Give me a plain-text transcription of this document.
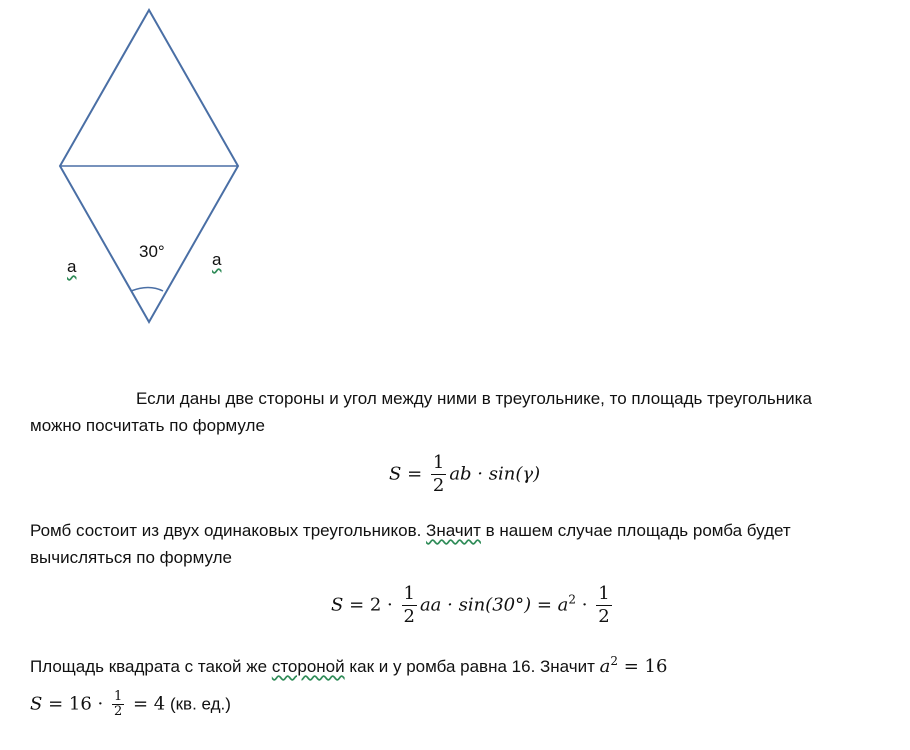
a	a
30°
Если даны две стороны и угол между ними в треугольнике, то площадь треугольника
можно посчитать по формуле
$S = \frac{1}{2}$ ab · sin(γ)
Ромб состоит из двух одинаковых треугольников. Значит в нашем случае площадь ромба будет
вычисляться по формуле
$S = 2 \cdot \frac{1}{2}$ aa · $\sin(30^\circ) = a^2 \cdot \frac{1}{2}$
Площадь квадрата с такой же стороной как и у ромба равна 16. Значит $a^2 = 16$
$S = 16 \cdot \frac{1}{2} = 4$ (кв. ед.)
